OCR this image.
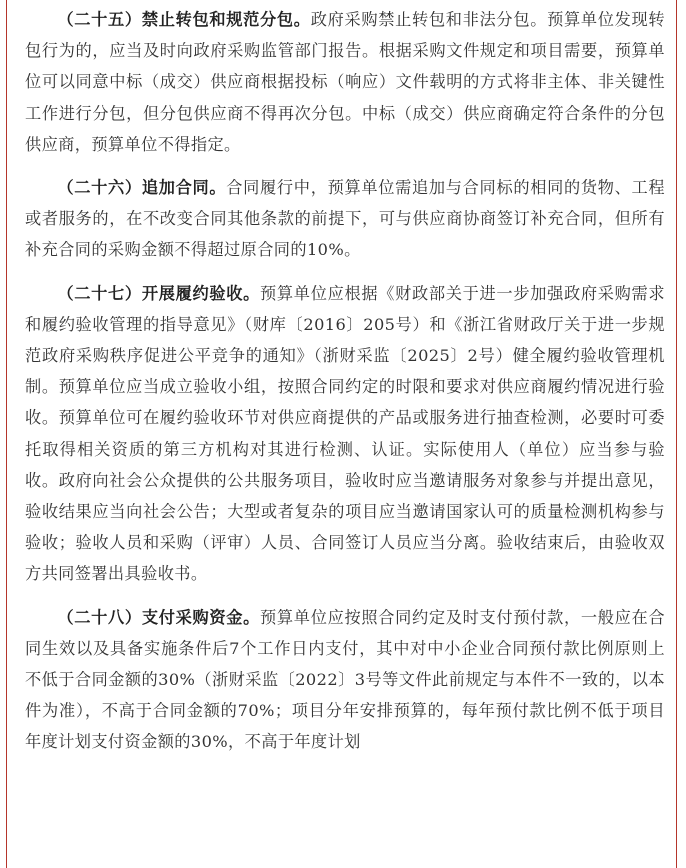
（二十五）禁止转包和规范分包。政府采购禁止转包和非法分包。预算单位发现转包行为的，应当及时向政府采购监管部门报告。根据采购文件规定和项目需要，预算单位可以同意中标（成交）供应商根据投标（响应）文件载明的方式将非主体、非关键性工作进行分包，但分包供应商不得再次分包。中标（成交）供应商确定符合条件的分包供应商，预算单位不得指定。

（二十六）追加合同。合同履行中，预算单位需追加与合同标的相同的货物、工程或者服务的，在不改变合同其他条款的前提下，可与供应商协商签订补充合同，但所有补充合同的采购金额不得超过原合同的10%。

（二十七）开展履约验收。预算单位应根据《财政部关于进一步加强政府采购需求和履约验收管理的指导意见》（财库〔2016〕205号）和《浙江省财政厅关于进一步规范政府采购秩序促进公平竞争的通知》（浙财采监〔2025〕2号）健全履约验收管理机制。预算单位应当成立验收小组，按照合同约定的时限和要求对供应商履约情况进行验收。预算单位可在履约验收环节对供应商提供的产品或服务进行抽查检测，必要时可委托取得相关资质的第三方机构对其进行检测、认证。实际使用人（单位）应当参与验收。政府向社会公众提供的公共服务项目，验收时应当邀请服务对象参与并提出意见，验收结果应当向社会公告；大型或者复杂的项目应当邀请国家认可的质量检测机构参与验收；验收人员和采购（评审）人员、合同签订人员应当分离。验收结束后，由验收双方共同签署出具验收书。

（二十八）支付采购资金。预算单位应按照合同约定及时支付预付款，一般应在合同生效以及具备实施条件后7个工作日内支付，其中对中小企业合同预付款比例原则上不低于合同金额的30%（浙财采监〔2022〕3号等文件此前规定与本件不一致的，以本件为准），不高于合同金额的70%；项目分年安排预算的，每年预付款比例不低于项目年度计划支付资金额的30%，不高于年度计划
